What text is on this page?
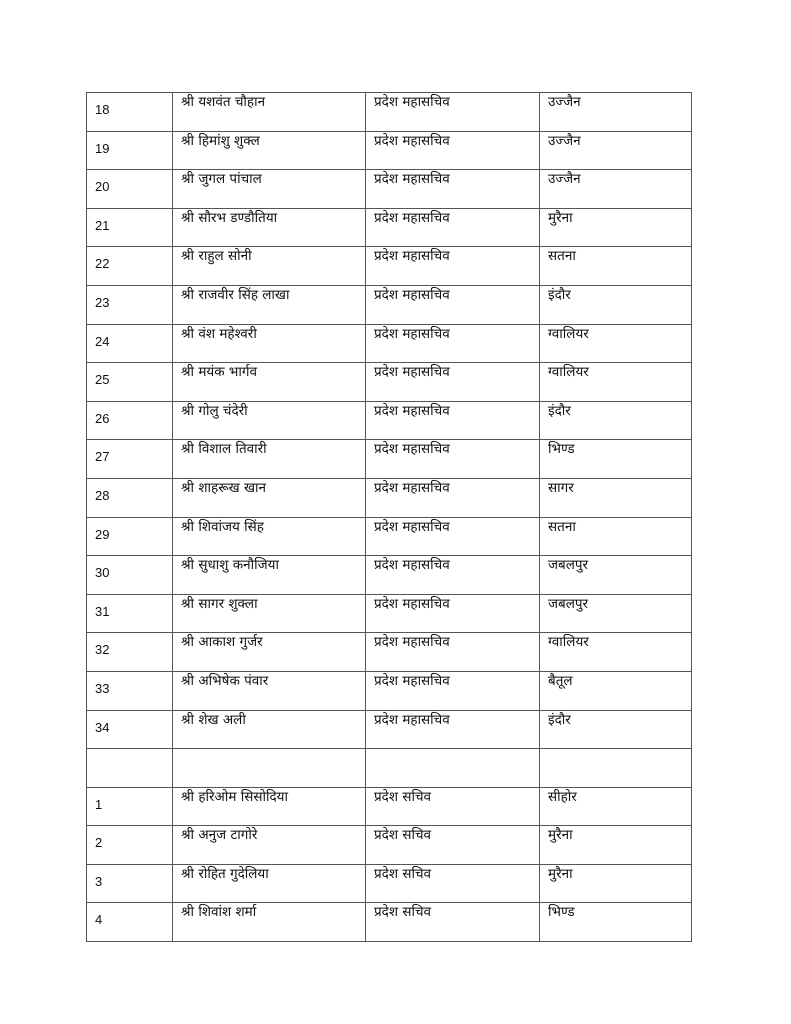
18	श्री यशवंत चौहान	प्रदेश महासचिव	उज्जैन

19	श्री हिमांशु शुक्ल	प्रदेश महासचिव	उज्जैन

20	श्री जुगल पांचाल	प्रदेश महासचिव	उज्जैन

21	श्री सौरभ डण्डौतिया	प्रदेश महासचिव	मुरैना

22	श्री राहुल सोनी	प्रदेश महासचिव	सतना

23	श्री राजवीर सिंह लाखा	प्रदेश महासचिव	इंदौर

24	श्री वंश महेश्वरी	प्रदेश महासचिव	ग्वालियर

25	श्री मयंक भार्गव	प्रदेश महासचिव	ग्वालियर

26	श्री गोलु चंदेरी	प्रदेश महासचिव	इंदौर

27	श्री विशाल तिवारी	प्रदेश महासचिव	भिण्ड

28	श्री शाहरूख खान	प्रदेश महासचिव	सागर

29	श्री शिवांजय सिंह	प्रदेश महासचिव	सतना

30	श्री सुधाशु कनौजिया	प्रदेश महासचिव	जबलपुर

31	श्री सागर शुक्ला	प्रदेश महासचिव	जबलपुर

32	श्री आकाश गुर्जर	प्रदेश महासचिव	ग्वालियर

33	श्री अभिषेक पंवार	प्रदेश महासचिव	बैतूल

34	श्री शेख अली	प्रदेश महासचिव	इंदौर

1	श्री हरिओम सिसोदिया	प्रदेश सचिव	सीहोर

2	श्री अनुज टागोरे	प्रदेश सचिव	मुरैना

3	श्री रोहित गुदेलिया	प्रदेश सचिव	मुरैना

4	श्री शिवांश शर्मा	प्रदेश सचिव	भिण्ड
